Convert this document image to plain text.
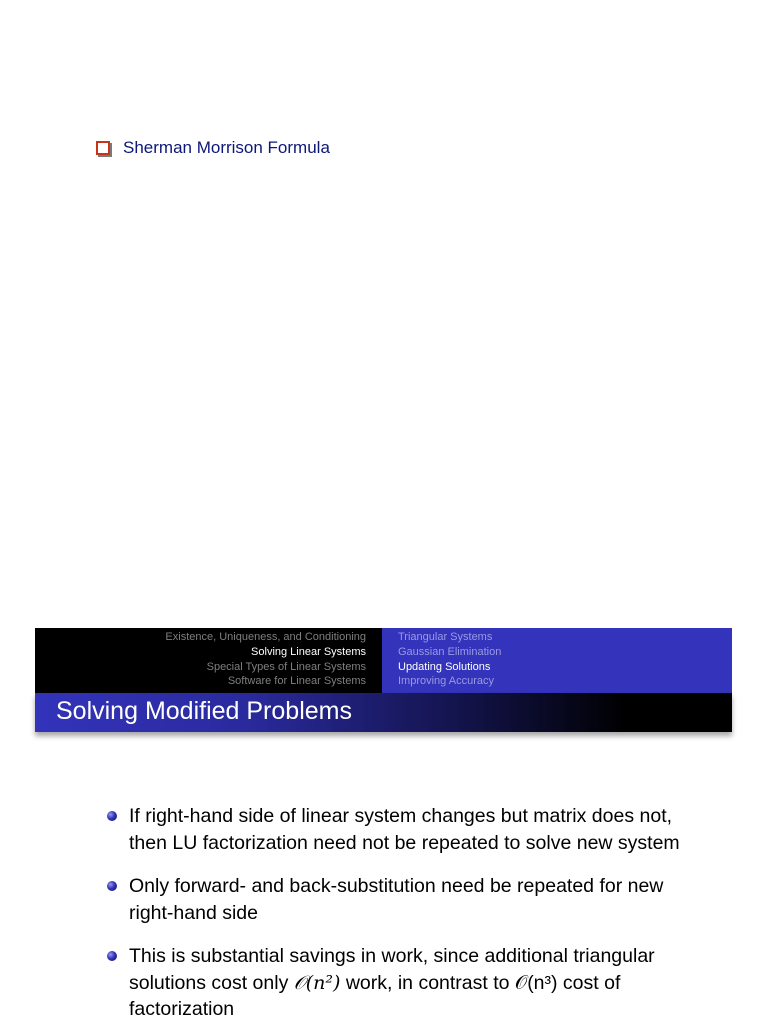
Sherman Morrison Formula
Existence, Uniqueness, and Conditioning
Solving Linear Systems
Special Types of Linear Systems
Software for Linear Systems
Triangular Systems
Gaussian Elimination
Updating Solutions
Improving Accuracy
Solving Modified Problems
If right-hand side of linear system changes but matrix does not, then LU factorization need not be repeated to solve new system
Only forward- and back-substitution need be repeated for new right-hand side
This is substantial savings in work, since additional triangular solutions cost only 𝒪(n²) work, in contrast to 𝒪(n³) cost of factorization
